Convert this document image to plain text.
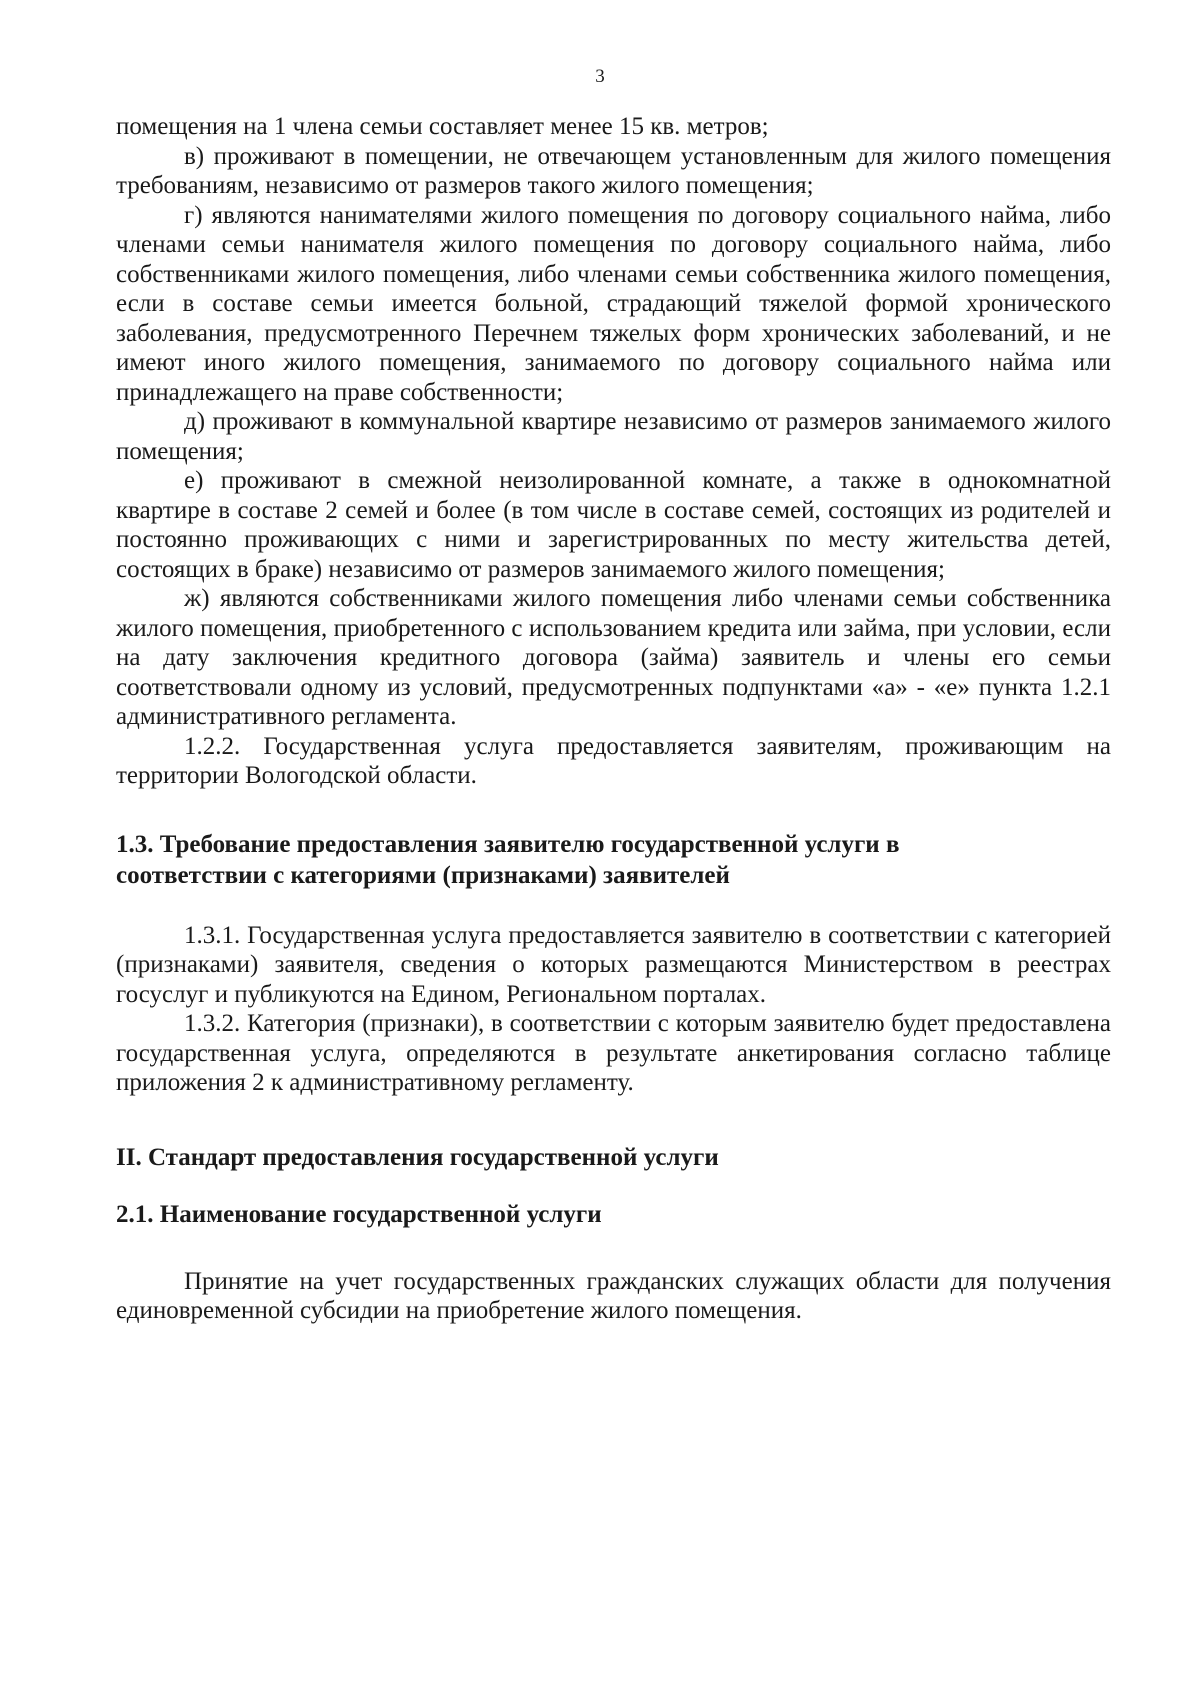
3

помещения на 1 члена семьи составляет менее 15 кв. метров;

в) проживают в помещении, не отвечающем установленным для жилого помещения требованиям, независимо от размеров такого жилого помещения;

г) являются нанимателями жилого помещения по договору социального найма, либо членами семьи нанимателя жилого помещения по договору социального найма, либо собственниками жилого помещения, либо членами семьи собственника жилого помещения, если в составе семьи имеется больной, страдающий тяжелой формой хронического заболевания, предусмотренного Перечнем тяжелых форм хронических заболеваний, и не имеют иного жилого помещения, занимаемого по договору социального найма или принадлежащего на праве собственности;

д) проживают в коммунальной квартире независимо от размеров занимаемого жилого помещения;

е) проживают в смежной неизолированной комнате, а также в однокомнатной квартире в составе 2 семей и более (в том числе в составе семей, состоящих из родителей и постоянно проживающих с ними и зарегистрированных по месту жительства детей, состоящих в браке) независимо от размеров занимаемого жилого помещения;

ж) являются собственниками жилого помещения либо членами семьи собственника жилого помещения, приобретенного с использованием кредита или займа, при условии, если на дату заключения кредитного договора (займа) заявитель и члены его семьи соответствовали одному из условий, предусмотренных подпунктами «а» - «е» пункта 1.2.1 административного регламента.

1.2.2. Государственная услуга предоставляется заявителям, проживающим на территории Вологодской области.

1.3. Требование предоставления заявителю государственной услуги в
соответствии с категориями (признаками) заявителей

1.3.1. Государственная услуга предоставляется заявителю в соответствии с категорией (признаками) заявителя, сведения о которых размещаются Министерством в реестрах госуслуг и публикуются на Едином, Региональном порталах.

1.3.2. Категория (признаки), в соответствии с которым заявителю будет предоставлена государственная услуга, определяются в результате анкетирования согласно таблице приложения 2 к административному регламенту.

II. Стандарт предоставления государственной услуги

2.1. Наименование государственной услуги

Принятие на учет государственных гражданских служащих области для получения единовременной субсидии на приобретение жилого помещения.
